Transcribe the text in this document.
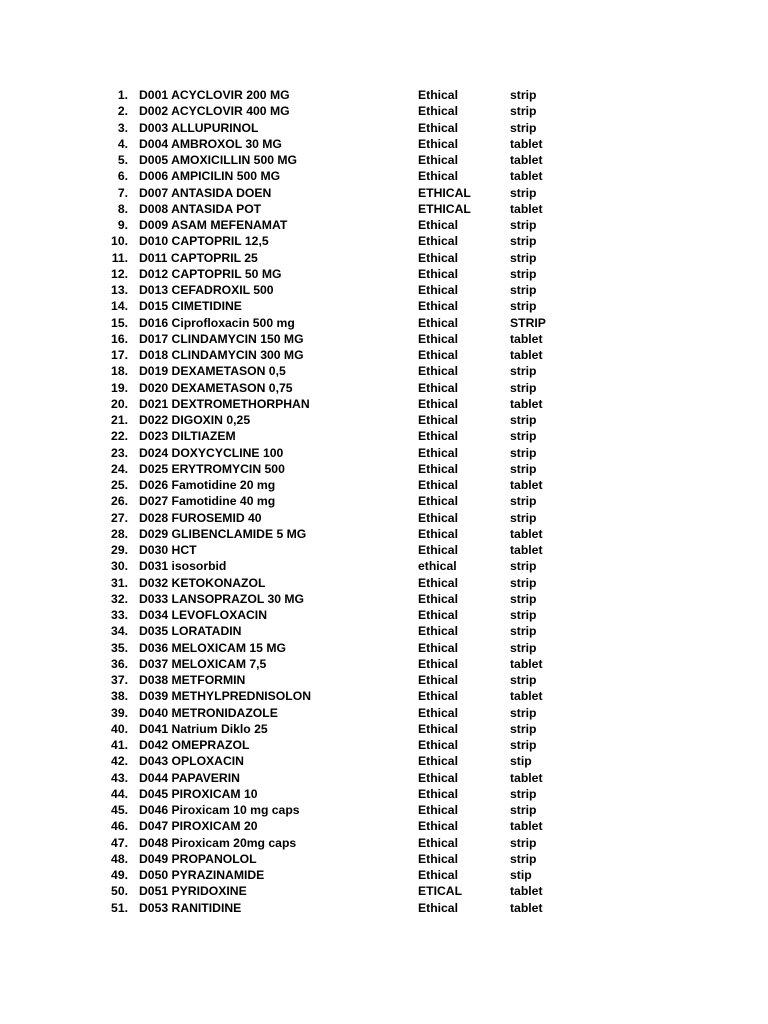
1. D001 ACYCLOVIR 200 MG	Ethical	strip
2. D002 ACYCLOVIR 400 MG	Ethical	strip
3. D003 ALLUPURINOL	Ethical	strip
4. D004 AMBROXOL 30 MG	Ethical	tablet
5. D005 AMOXICILLIN 500 MG	Ethical	tablet
6. D006 AMPICILIN 500 MG	Ethical	tablet
7. D007 ANTASIDA DOEN	ETHICAL	strip
8. D008 ANTASIDA POT	ETHICAL	tablet
9. D009 ASAM MEFENAMAT	Ethical	strip
10. D010 CAPTOPRIL 12,5	Ethical	strip
11. D011 CAPTOPRIL 25	Ethical	strip
12. D012 CAPTOPRIL 50 MG	Ethical	strip
13. D013 CEFADROXIL 500	Ethical	strip
14. D015 CIMETIDINE	Ethical	strip
15. D016 Ciprofloxacin 500 mg	Ethical	STRIP
16. D017 CLINDAMYCIN 150 MG	Ethical	tablet
17. D018 CLINDAMYCIN 300 MG	Ethical	tablet
18. D019 DEXAMETASON 0,5	Ethical	strip
19. D020 DEXAMETASON 0,75	Ethical	strip
20. D021 DEXTROMETHORPHAN	Ethical	tablet
21. D022 DIGOXIN 0,25	Ethical	strip
22. D023 DILTIAZEM	Ethical	strip
23. D024 DOXYCYCLINE 100	Ethical	strip
24. D025 ERYTROMYCIN 500	Ethical	strip
25. D026 Famotidine 20 mg	Ethical	tablet
26. D027 Famotidine 40 mg	Ethical	strip
27. D028 FUROSEMID 40	Ethical	strip
28. D029 GLIBENCLAMIDE 5 MG	Ethical	tablet
29. D030 HCT	Ethical	tablet
30. D031 isosorbid	ethical	strip
31. D032 KETOKONAZOL	Ethical	strip
32. D033 LANSOPRAZOL 30 MG	Ethical	strip
33. D034 LEVOFLOXACIN	Ethical	strip
34. D035 LORATADIN	Ethical	strip
35. D036 MELOXICAM 15 MG	Ethical	strip
36. D037 MELOXICAM 7,5	Ethical	tablet
37. D038 METFORMIN	Ethical	strip
38. D039 METHYLPREDNISOLON	Ethical	tablet
39. D040 METRONIDAZOLE	Ethical	strip
40. D041 Natrium Diklo 25	Ethical	strip
41. D042 OMEPRAZOL	Ethical	strip
42. D043 OPLOXACIN	Ethical	stip
43. D044 PAPAVERIN	Ethical	tablet
44. D045 PIROXICAM 10	Ethical	strip
45. D046 Piroxicam 10 mg caps	Ethical	strip
46. D047 PIROXICAM 20	Ethical	tablet
47. D048 Piroxicam 20mg caps	Ethical	strip
48. D049 PROPANOLOL	Ethical	strip
49. D050 PYRAZINAMIDE	Ethical	stip
50. D051 PYRIDOXINE	ETICAL	tablet
51. D053 RANITIDINE	Ethical	tablet
